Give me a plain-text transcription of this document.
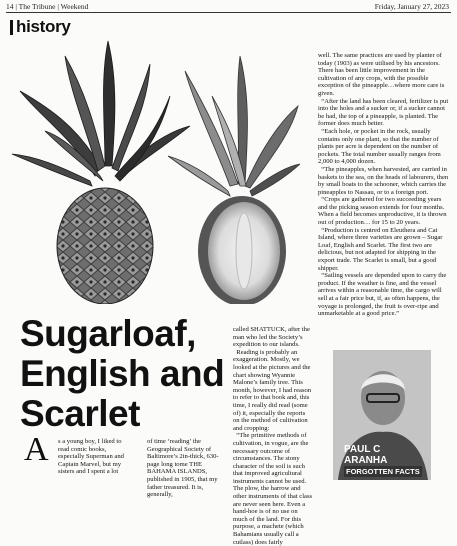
14 | The Tribune | Weekend	Friday, January 27, 2023
history
Sugarloaf, English and Scarlet
A s a young boy, I liked to read comic books, especially Superman and Captain Marvel, but my sisters and I spent a lot
of time ‘reading’ the Geographical Society of Baltimore’s 2in-thick, 630-page long tome THE BAHAMA ISLANDS, published in 1905, that my father treasured. It is, generally,
called SHATTUCK, after the man who led the Society’s expedition to our islands.
Reading is probably an exaggeration. Mostly, we looked at the pictures and the chart showing Wyannie Malone’s family tree. This month, however, I had reason to refer to that book and, this time, I really did read (some of) it, especially the reports on the method of cultivation and cropping:
“The primitive methods of cultivation, in vogue, are the necessary outcome of circumstances. The stony character of the soil is such that improved agricultural instruments cannot be used. The plow, the harrow and other instruments of that class are never seen here. Even a hand-hoe is of no use on much of the land. For this purpose, a machete (which Bahamians usually call a cutlass) does fairly
well. The same practices are used by planter of today (1903) as were utilised by his ancestors. There has been little improvement in the cultivation of any crops, with the possible exception of the pineapple…where more care is given.
“After the land has been cleared, fertilizer is put into the holes and a sucker or, if a sucker cannot be had, the top of a pineapple, is planted. The former does much better.
“Each hole, or pocket in the rock, usually contains only one plant, so that the number of plants per acre is dependent on the number of pockets. The total number usually ranges from 2,000 to 4,000 dozen.
“The pineapples, when harvested, are carried in baskets to the sea, on the heads of labourers, then by small boats to the schooner, which carries the pineapples to Nassau, or to a foreign port.
“Crops are gathered for two succeeding years and the picking season extends for four months. When a field becomes unproductive, it is thrown out of production… for 15 to 20 years.
“Production is centred on Eleuthera and Cat Island, where three varieties are grown – Sugar Loaf, English and Scarlet. The first two are delicious, but not adapted for shipping in the export trade. The Scarlet is small, but a good shipper.
“Sailing vessels are depended upon to carry the product. If the weather is fine, and the vessel arrives within a reasonable time, the cargo will sell at a fair price but, if, as often happens, the voyage is prolonged, the fruit is over-ripe and unmarketable at a good price.”
PAUL C
ARANHA
FORGOTTEN FACTS
